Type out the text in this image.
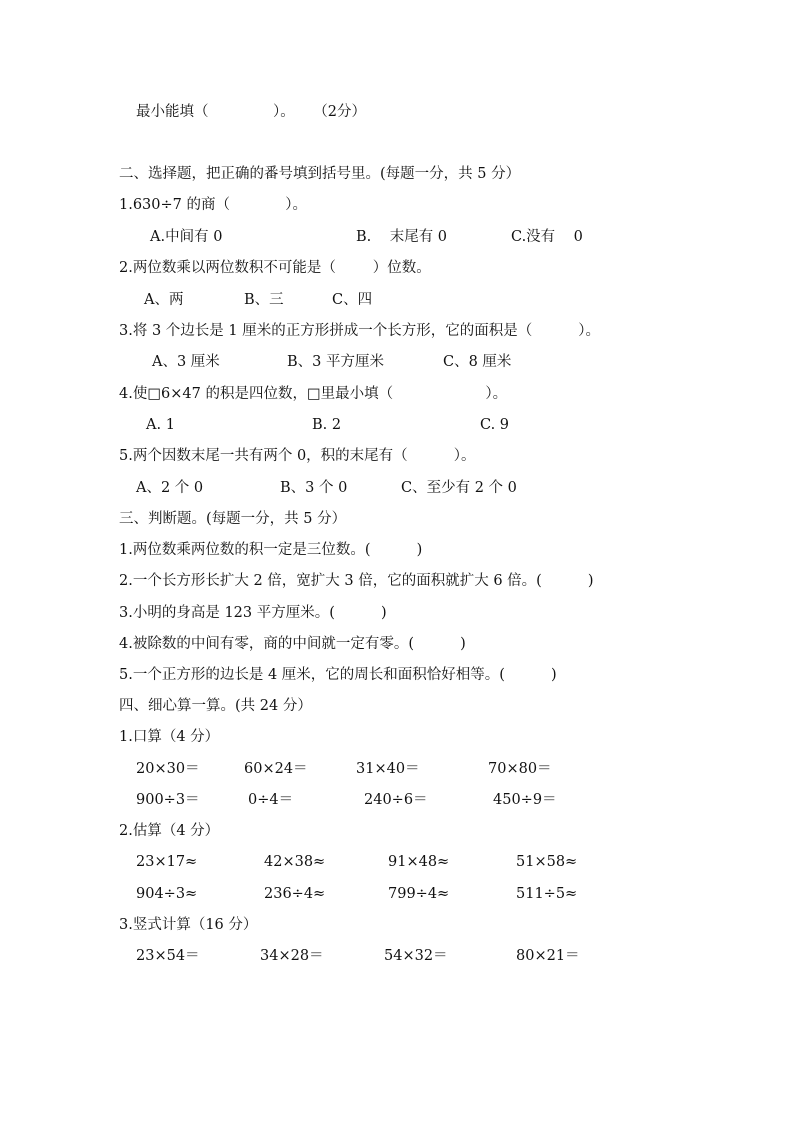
最小能填（              ）。    （2分）
二、选择题，把正确的番号填到括号里。(每题一分，共 5 分）
1.630÷7 的商（            ）。
A.中间有 0	B.    末尾有 0	C.没有    0
2.两位数乘以两位数积不可能是（        ）位数。
A、两	B、三	C、四
3.将 3 个边长是 1 厘米的正方形拼成一个长方形，它的面积是（          ）。
A、3 厘米	B、3 平方厘米	C、8 厘米
4.使□6×47 的积是四位数，□里最小填（                    ）。
A. 1	B. 2	C. 9
5.两个因数末尾一共有两个 0，积的末尾有（          ）。
A、2 个 0	B、3 个 0	C、至少有 2 个 0
三、判断题。(每题一分，共 5 分）
1.两位数乘两位数的积一定是三位数。(          )
2.一个长方形长扩大 2 倍，宽扩大 3 倍，它的面积就扩大 6 倍。(          )
3.小明的身高是 123 平方厘米。(          )
4.被除数的中间有零，商的中间就一定有零。(          )
5.一个正方形的边长是 4 厘米，它的周长和面积恰好相等。(          )
四、细心算一算。(共 24 分）
1.口算（4 分）
20×30＝	60×24＝	31×40＝	70×80＝
900÷3＝	0÷4＝	240÷6＝	450÷9＝
2.估算（4 分）
23×17≈	42×38≈	91×48≈	51×58≈
904÷3≈	236÷4≈	799÷4≈	511÷5≈
3.竖式计算（16 分）
23×54＝	34×28＝	54×32＝	80×21＝
